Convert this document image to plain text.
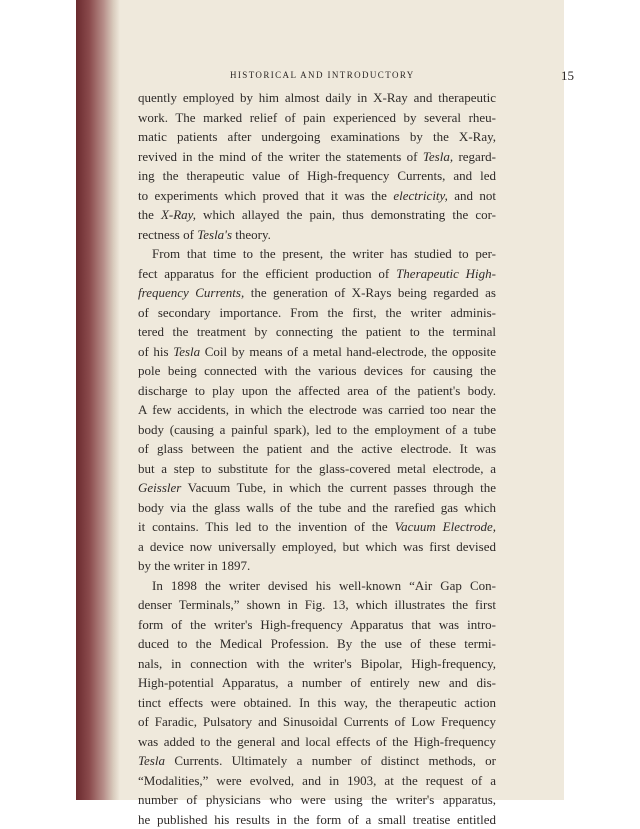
HISTORICAL AND INTRODUCTORY	15
quently employed by him almost daily in X-Ray and therapeutic
work. The marked relief of pain experienced by several rheu-
matic patients after undergoing examinations by the X-Ray,
revived in the mind of the writer the statements of Tesla, regard-
ing the therapeutic value of High-frequency Currents, and led
to experiments which proved that it was the electricity, and not
the X-Ray, which allayed the pain, thus demonstrating the cor-
rectness of Tesla's theory.
From that time to the present, the writer has studied to per-
fect apparatus for the efficient production of Therapeutic High-
frequency Currents, the generation of X-Rays being regarded as
of secondary importance. From the first, the writer adminis-
tered the treatment by connecting the patient to the terminal
of his Tesla Coil by means of a metal hand-electrode, the opposite
pole being connected with the various devices for causing the
discharge to play upon the affected area of the patient's body.
A few accidents, in which the electrode was carried too near the
body (causing a painful spark), led to the employment of a tube
of glass between the patient and the active electrode. It was
but a step to substitute for the glass-covered metal electrode, a
Geissler Vacuum Tube, in which the current passes through the
body via the glass walls of the tube and the rarefied gas which
it contains. This led to the invention of the Vacuum Electrode,
a device now universally employed, but which was first devised
by the writer in 1897.
In 1898 the writer devised his well-known “Air Gap Con-
denser Terminals,” shown in Fig. 13, which illustrates the first
form of the writer's High-frequency Apparatus that was intro-
duced to the Medical Profession. By the use of these termi-
nals, in connection with the writer's Bipolar, High-frequency,
High-potential Apparatus, a number of entirely new and dis-
tinct effects were obtained. In this way, the therapeutic action
of Faradic, Pulsatory and Sinusoidal Currents of Low Frequency
was added to the general and local effects of the High-frequency
Tesla Currents. Ultimately a number of distinct methods, or
“Modalities,” were evolved, and in 1903, at the request of a
number of physicians who were using the writer's apparatus,
he published his results in the form of a small treatise entitled
